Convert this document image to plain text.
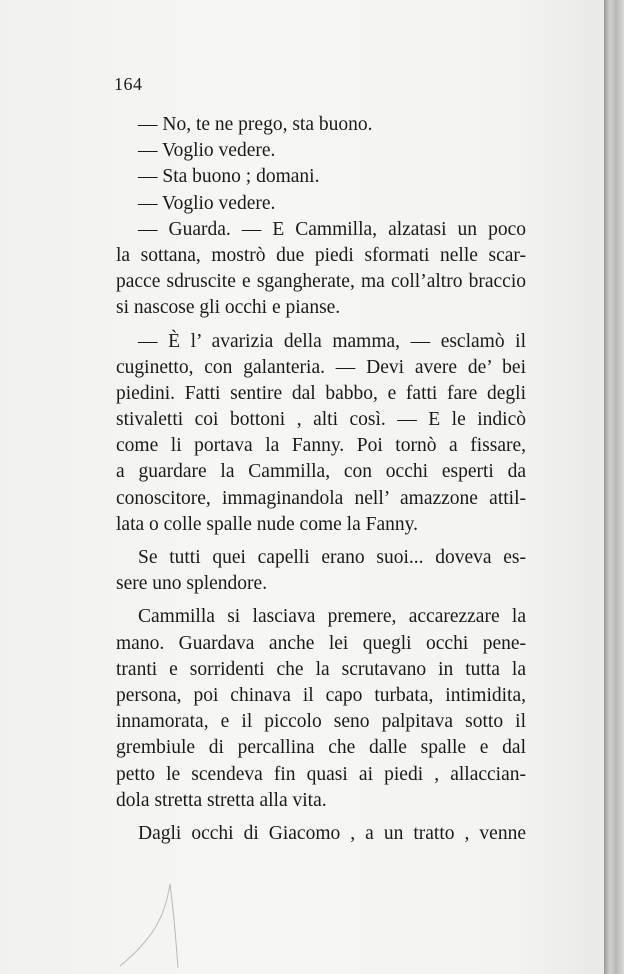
164
— No, te ne prego, sta buono.
— Voglio vedere.
— Sta buono ; domani.
— Voglio vedere.
— Guarda. — E Cammilla, alzatasi un poco
la sottana, mostrò due piedi sformati nelle scar-
pacce sdruscite e sgangherate, ma coll’altro braccio
si nascose gli occhi e pianse.
— È l’ avarizia della mamma, — esclamò il
cuginetto, con galanteria. — Devi avere de’ bei
piedini. Fatti sentire dal babbo, e fatti fare degli
stivaletti coi bottoni , alti così. — E le indicò
come li portava la Fanny. Poi tornò a fissare,
a guardare la Cammilla, con occhi esperti da
conoscitore, immaginandola nell’ amazzone attil-
lata o colle spalle nude come la Fanny.
Se tutti quei capelli erano suoi... doveva es-
sere uno splendore.
Cammilla si lasciava premere, accarezzare la
mano. Guardava anche lei quegli occhi pene-
tranti e sorridenti che la scrutavano in tutta la
persona, poi chinava il capo turbata, intimidita,
innamorata, e il piccolo seno palpitava sotto il
grembiule di percallina che dalle spalle e dal
petto le scendeva fin quasi ai piedi , allaccian-
dola stretta stretta alla vita.
Dagli occhi di Giacomo , a un tratto , venne
